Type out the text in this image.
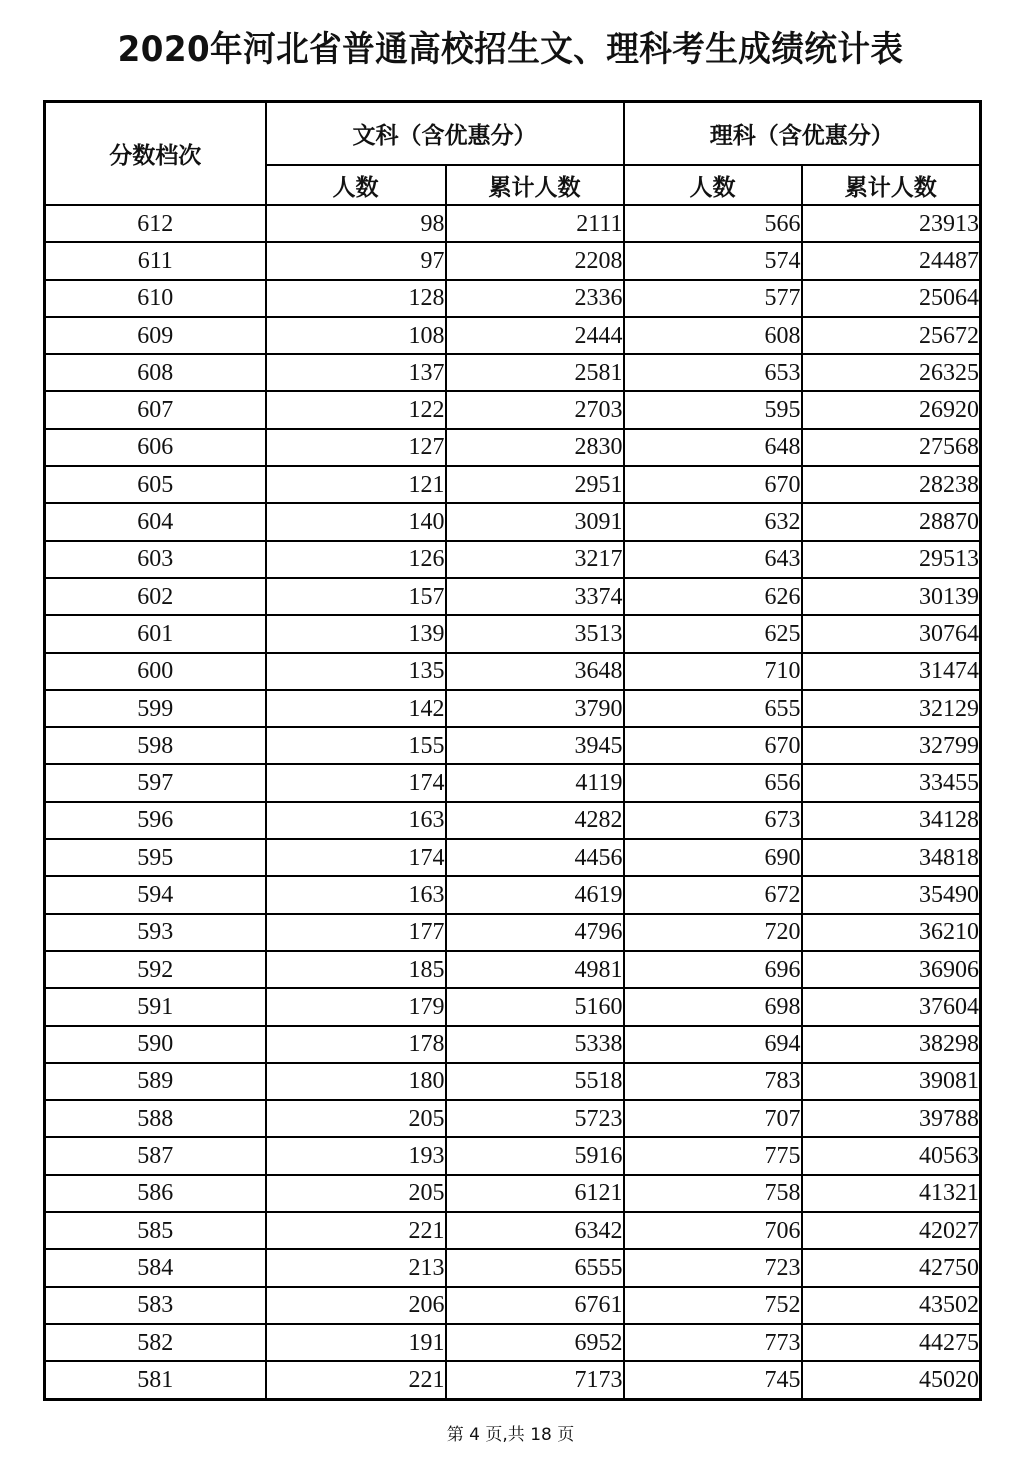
2020年河北省普通高校招生文、理科考生成绩统计表
分数档次	文科（含优惠分）		理科（含优惠分）	
	人数	累计人数	人数	累计人数
612	98	2111	566	23913
611	97	2208	574	24487
610	128	2336	577	25064
609	108	2444	608	25672
608	137	2581	653	26325
607	122	2703	595	26920
606	127	2830	648	27568
605	121	2951	670	28238
604	140	3091	632	28870
603	126	3217	643	29513
602	157	3374	626	30139
601	139	3513	625	30764
600	135	3648	710	31474
599	142	3790	655	32129
598	155	3945	670	32799
597	174	4119	656	33455
596	163	4282	673	34128
595	174	4456	690	34818
594	163	4619	672	35490
593	177	4796	720	36210
592	185	4981	696	36906
591	179	5160	698	37604
590	178	5338	694	38298
589	180	5518	783	39081
588	205	5723	707	39788
587	193	5916	775	40563
586	205	6121	758	41321
585	221	6342	706	42027
584	213	6555	723	42750
583	206	6761	752	43502
582	191	6952	773	44275
581	221	7173	745	45020
第 4 页,共 18 页
